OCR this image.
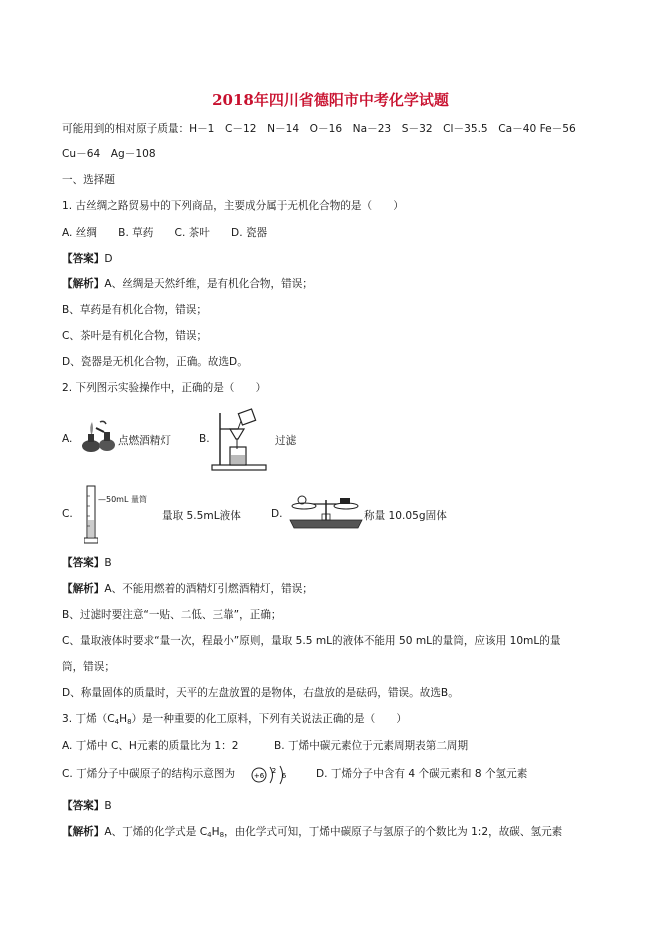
2018年四川省德阳市中考化学试题
可能用到的相对原子质量：H－1　C－12　N－14　O－16　Na－23　S－32　Cl－35.5　Ca－40 Fe－56
Cu－64　Ag－108
一、选择题
1. 古丝绸之路贸易中的下列商品，主要成分属于无机化合物的是（　　）
A. 丝绸　　B. 草药　　C. 茶叶　　D. 瓷器
【答案】D
【解析】A、丝绸是天然纤维，是有机化合物，错误；
B、草药是有机化合物，错误；
C、茶叶是有机化合物，错误；
D、瓷器是无机化合物，正确。故选D。
2. 下列图示实验操作中，正确的是（　　）
A.	点燃酒精灯	B.	过滤
C.
—50mL 量筒
量取 5.5mL液体	D.	称量 10.05g固体
【答案】B
【解析】A、不能用燃着的酒精灯引燃酒精灯，错误；
B、过滤时要注意“一贴、二低、三靠”，正确；
C、量取液体时要求“量一次，程最小”原则，量取 5.5 mL的液体不能用 50 mL的量筒，应该用 10mL的量
筒，错误；
D、称量固体的质量时，天平的左盘放置的是物体，右盘放的是砝码，错误。故选B。
3. 丁烯$(C_4H_8)$是一种重要的化工原料，下列有关说法正确的是（　　）
A. 丁烯中 C、H元素的质量比为 1：2	B. 丁烯中碳元素位于元素周期表第二周期
C. 丁烯分子中碳原子的结构示意图为	+6
2
6	D. 丁烯分子中含有 4 个碳元素和 8 个氢元素
【答案】B
【解析】A、丁烯的化学式是 $C_4H_8$，由化学式可知，丁烯中碳原子与氢原子的个数比为 1:2，故碳、氢元素
